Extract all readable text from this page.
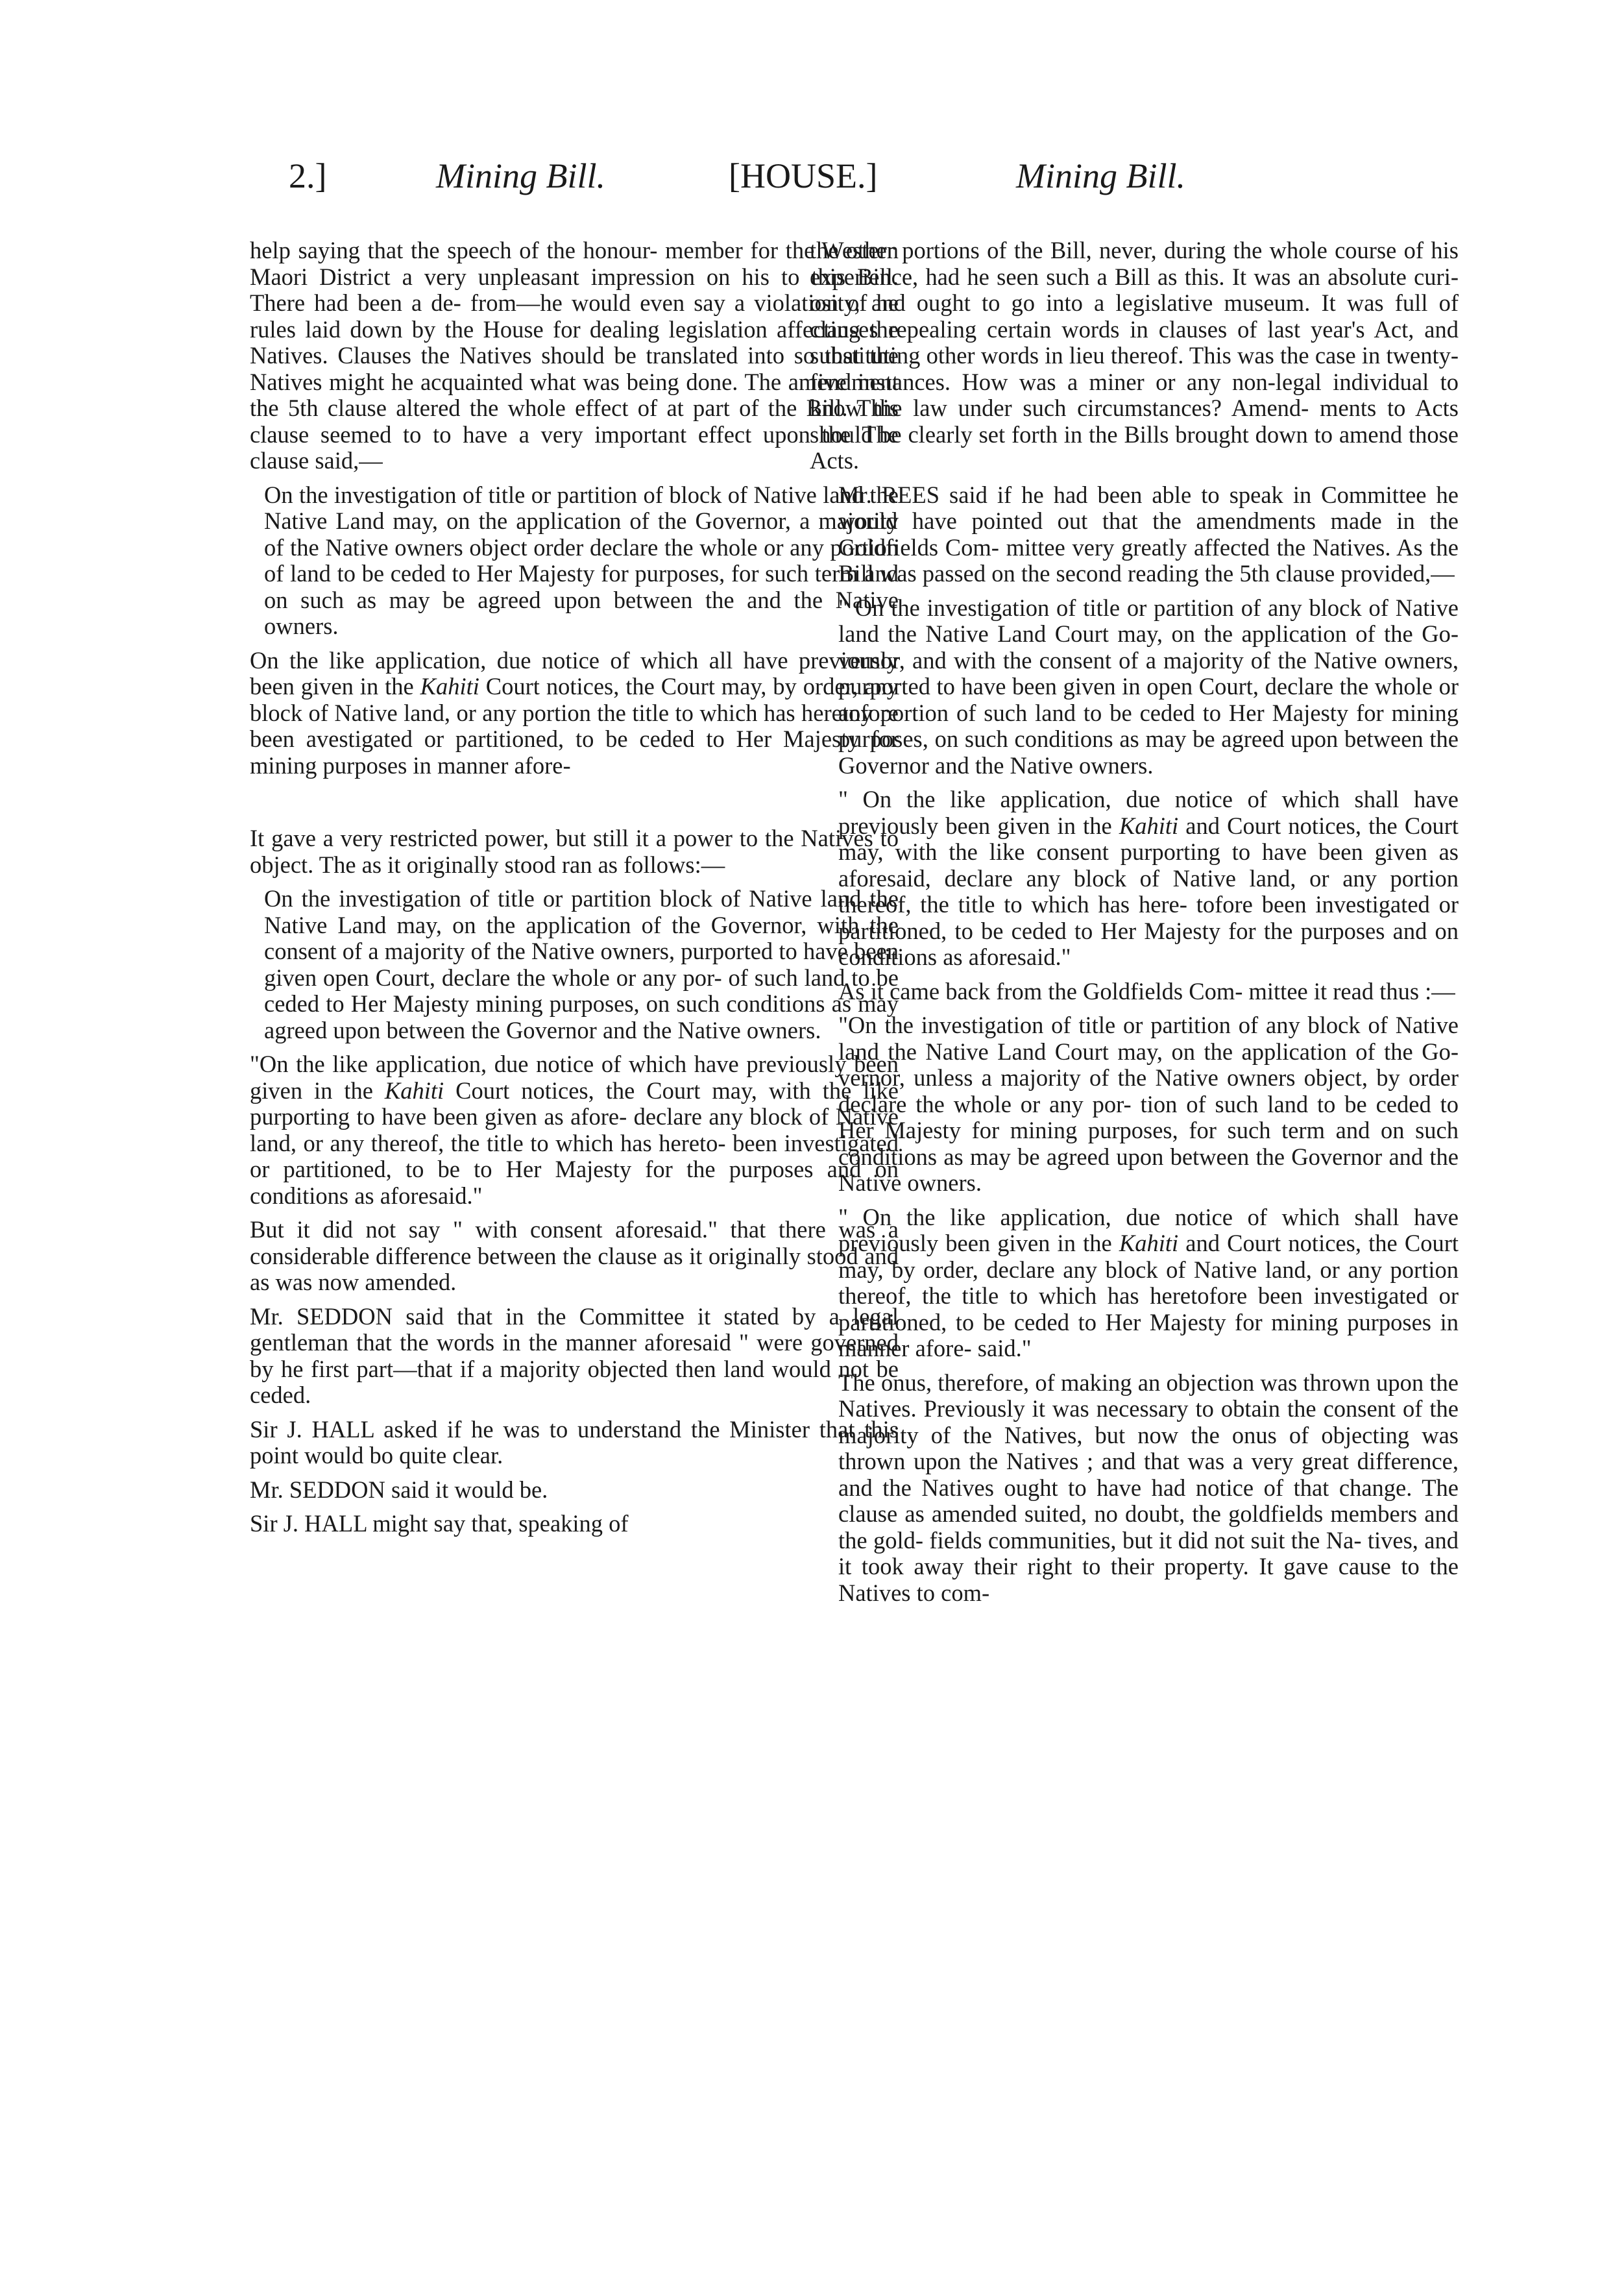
2.]	Mining Bill.	[HOUSE.]	Mining Bill.

help saying that the speech of the honour- member for the Western Maori District a very unpleasant impression on his to this Bill. There had been a de- from—he would even say a violation of he rules laid down by the House for dealing legislation affecting the Natives. Clauses the Natives should be translated into so that the Natives might he acquainted what was being done. The amendment the 5th clause altered the whole effect of at part of the Bill. This clause seemed to to have a very important effect upon the The clause said,—

On the investigation of title or partition of block of Native land the Native Land may, on the application of the Governor, a majority of the Native owners object order declare the whole or any portion of land to be ceded to Her Majesty for purposes, for such term and on such as may be agreed upon between the and the Native owners.

On the like application, due notice of which all have previously been given in the Kahiti Court notices, the Court may, by order, any block of Native land, or any portion the title to which has heretofore been avestigated or partitioned, to be ceded to Her Majesty for mining purposes in manner afore-

It gave a very restricted power, but still it a power to the Natives to object. The as it originally stood ran as follows:—

On the investigation of title or partition block of Native land the Native Land may, on the application of the Governor, with the consent of a majority of the Native owners, purported to have been given open Court, declare the whole or any por- of such land to be ceded to Her Majesty mining purposes, on such conditions as may agreed upon between the Governor and the Native owners.

"On the like application, due notice of which have previously been given in the Kahiti Court notices, the Court may, with the like purporting to have been given as afore- declare any block of Native land, or any thereof, the title to which has hereto- been investigated or partitioned, to be to Her Majesty for the purposes and on conditions as aforesaid."

But it did not say " with consent aforesaid." that there was a considerable difference between the clause as it originally stood and as was now amended.

Mr. SEDDON said that in the Committee it stated by a legal gentleman that the words in the manner aforesaid " were governed by he first part—that if a majority objected then land would not be ceded.

Sir J. HALL asked if he was to understand the Minister that this point would bo quite clear.

Mr. SEDDON said it would be.

Sir J. HALL might say that, speaking of

the other portions of the Bill, never, during the whole course of his experience, had he seen such a Bill as this. It was an absolute curi- osity, and ought to go into a legislative museum. It was full of clauses repealing certain words in clauses of last year's Act, and substituting other words in lieu thereof. This was the case in twenty-five instances. How was a miner or any non-legal individual to know the law under such circumstances? Amend- ments to Acts should be clearly set forth in the Bills brought down to amend those Acts.

Mr. REES said if he had been able to speak in Committee he would have pointed out that the amendments made in the Goldfields Com- mittee very greatly affected the Natives. As the Bill was passed on the second reading the 5th clause provided,—

" On the investigation of title or partition of any block of Native land the Native Land Court may, on the application of the Go- vernor, and with the consent of a majority of the Native owners, purported to have been given in open Court, declare the whole or any portion of such land to be ceded to Her Majesty for mining purposes, on such conditions as may be agreed upon between the Governor and the Native owners.

" On the like application, due notice of which shall have previously been given in the Kahiti and Court notices, the Court may, with the like consent purporting to have been given as aforesaid, declare any block of Native land, or any portion thereof, the title to which has here- tofore been investigated or partitioned, to be ceded to Her Majesty for the purposes and on conditions as aforesaid."

As it came back from the Goldfields Com- mittee it read thus :—

"On the investigation of title or partition of any block of Native land the Native Land Court may, on the application of the Go- vernor, unless a majority of the Native owners object, by order declare the whole or any por- tion of such land to be ceded to Her Majesty for mining purposes, for such term and on such conditions as may be agreed upon between the Governor and the Native owners.

" On the like application, due notice of which shall have previously been given in the Kahiti and Court notices, the Court may, by order, declare any block of Native land, or any portion thereof, the title to which has heretofore been investigated or partitioned, to be ceded to Her Majesty for mining purposes in manner afore- said."

The onus, therefore, of making an objection was thrown upon the Natives. Previously it was necessary to obtain the consent of the majority of the Natives, but now the onus of objecting was thrown upon the Natives ; and that was a very great difference, and the Natives ought to have had notice of that change. The clause as amended suited, no doubt, the goldfields members and the gold- fields communities, but it did not suit the Na- tives, and it took away their right to their property. It gave cause to the Natives to com-
